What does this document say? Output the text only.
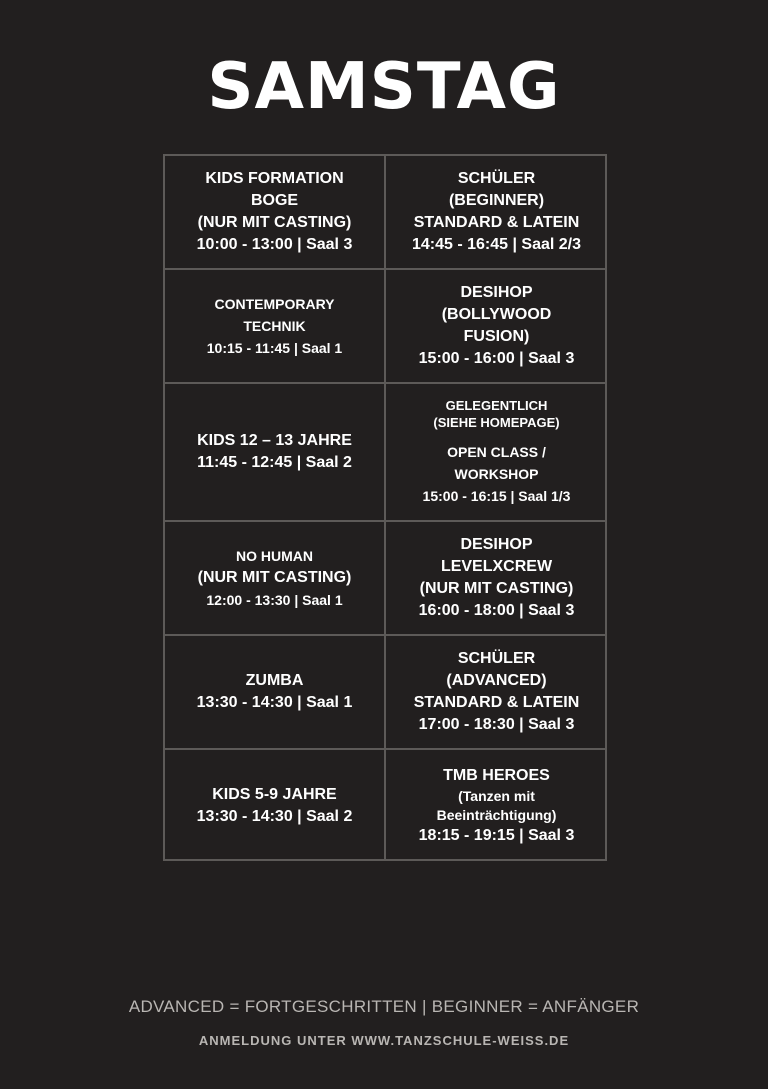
SAMSTAG
KIDS FORMATION
BOGE
(NUR MIT CASTING)
10:00 - 13:00 | Saal 3
SCHÜLER
(BEGINNER)
STANDARD & LATEIN
14:45 - 16:45 | Saal 2/3
CONTEMPORARY
TECHNIK
10:15 - 11:45 | Saal 1
DESIHOP
(BOLLYWOOD
FUSION)
15:00 - 16:00 | Saal 3
KIDS 12 – 13 JAHRE
11:45 - 12:45 | Saal 2
GELEGENTLICH
(SIEHE HOMEPAGE)
OPEN CLASS /
WORKSHOP
15:00 - 16:15 | Saal 1/3
NO HUMAN
(NUR MIT CASTING)
12:00 - 13:30 | Saal 1
DESIHOP
LEVELXCREW
(NUR MIT CASTING)
16:00 - 18:00 | Saal 3
ZUMBA
13:30 - 14:30 | Saal 1
SCHÜLER
(ADVANCED)
STANDARD & LATEIN
17:00 - 18:30 | Saal 3
KIDS 5-9 JAHRE
13:30 - 14:30 | Saal 2
TMB HEROES
(Tanzen mit
Beeinträchtigung)
18:15 - 19:15 | Saal 3
ADVANCED = FORTGESCHRITTEN | BEGINNER = ANFÄNGER
ANMELDUNG UNTER WWW.TANZSCHULE-WEISS.DE
